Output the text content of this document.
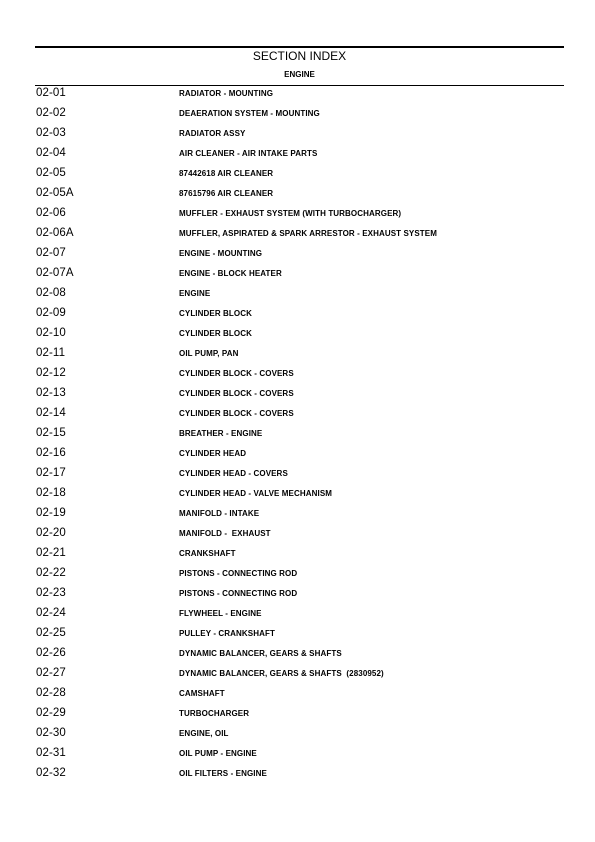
SECTION INDEX
ENGINE
02-01	RADIATOR - MOUNTING
02-02	DEAERATION SYSTEM - MOUNTING
02-03	RADIATOR ASSY
02-04	AIR CLEANER - AIR INTAKE PARTS
02-05	87442618 AIR CLEANER
02-05A	87615796 AIR CLEANER
02-06	MUFFLER - EXHAUST SYSTEM (WITH TURBOCHARGER)
02-06A	MUFFLER, ASPIRATED & SPARK ARRESTOR - EXHAUST SYSTEM
02-07	ENGINE - MOUNTING
02-07A	ENGINE - BLOCK HEATER
02-08	ENGINE
02-09	CYLINDER BLOCK
02-10	CYLINDER BLOCK
02-11	OIL PUMP, PAN
02-12	CYLINDER BLOCK - COVERS
02-13	CYLINDER BLOCK - COVERS
02-14	CYLINDER BLOCK - COVERS
02-15	BREATHER - ENGINE
02-16	CYLINDER HEAD
02-17	CYLINDER HEAD - COVERS
02-18	CYLINDER HEAD - VALVE MECHANISM
02-19	MANIFOLD - INTAKE
02-20	MANIFOLD -  EXHAUST
02-21	CRANKSHAFT
02-22	PISTONS - CONNECTING ROD
02-23	PISTONS - CONNECTING ROD
02-24	FLYWHEEL - ENGINE
02-25	PULLEY - CRANKSHAFT
02-26	DYNAMIC BALANCER, GEARS & SHAFTS
02-27	DYNAMIC BALANCER, GEARS & SHAFTS  (2830952)
02-28	CAMSHAFT
02-29	TURBOCHARGER
02-30	ENGINE, OIL
02-31	OIL PUMP - ENGINE
02-32	OIL FILTERS - ENGINE
